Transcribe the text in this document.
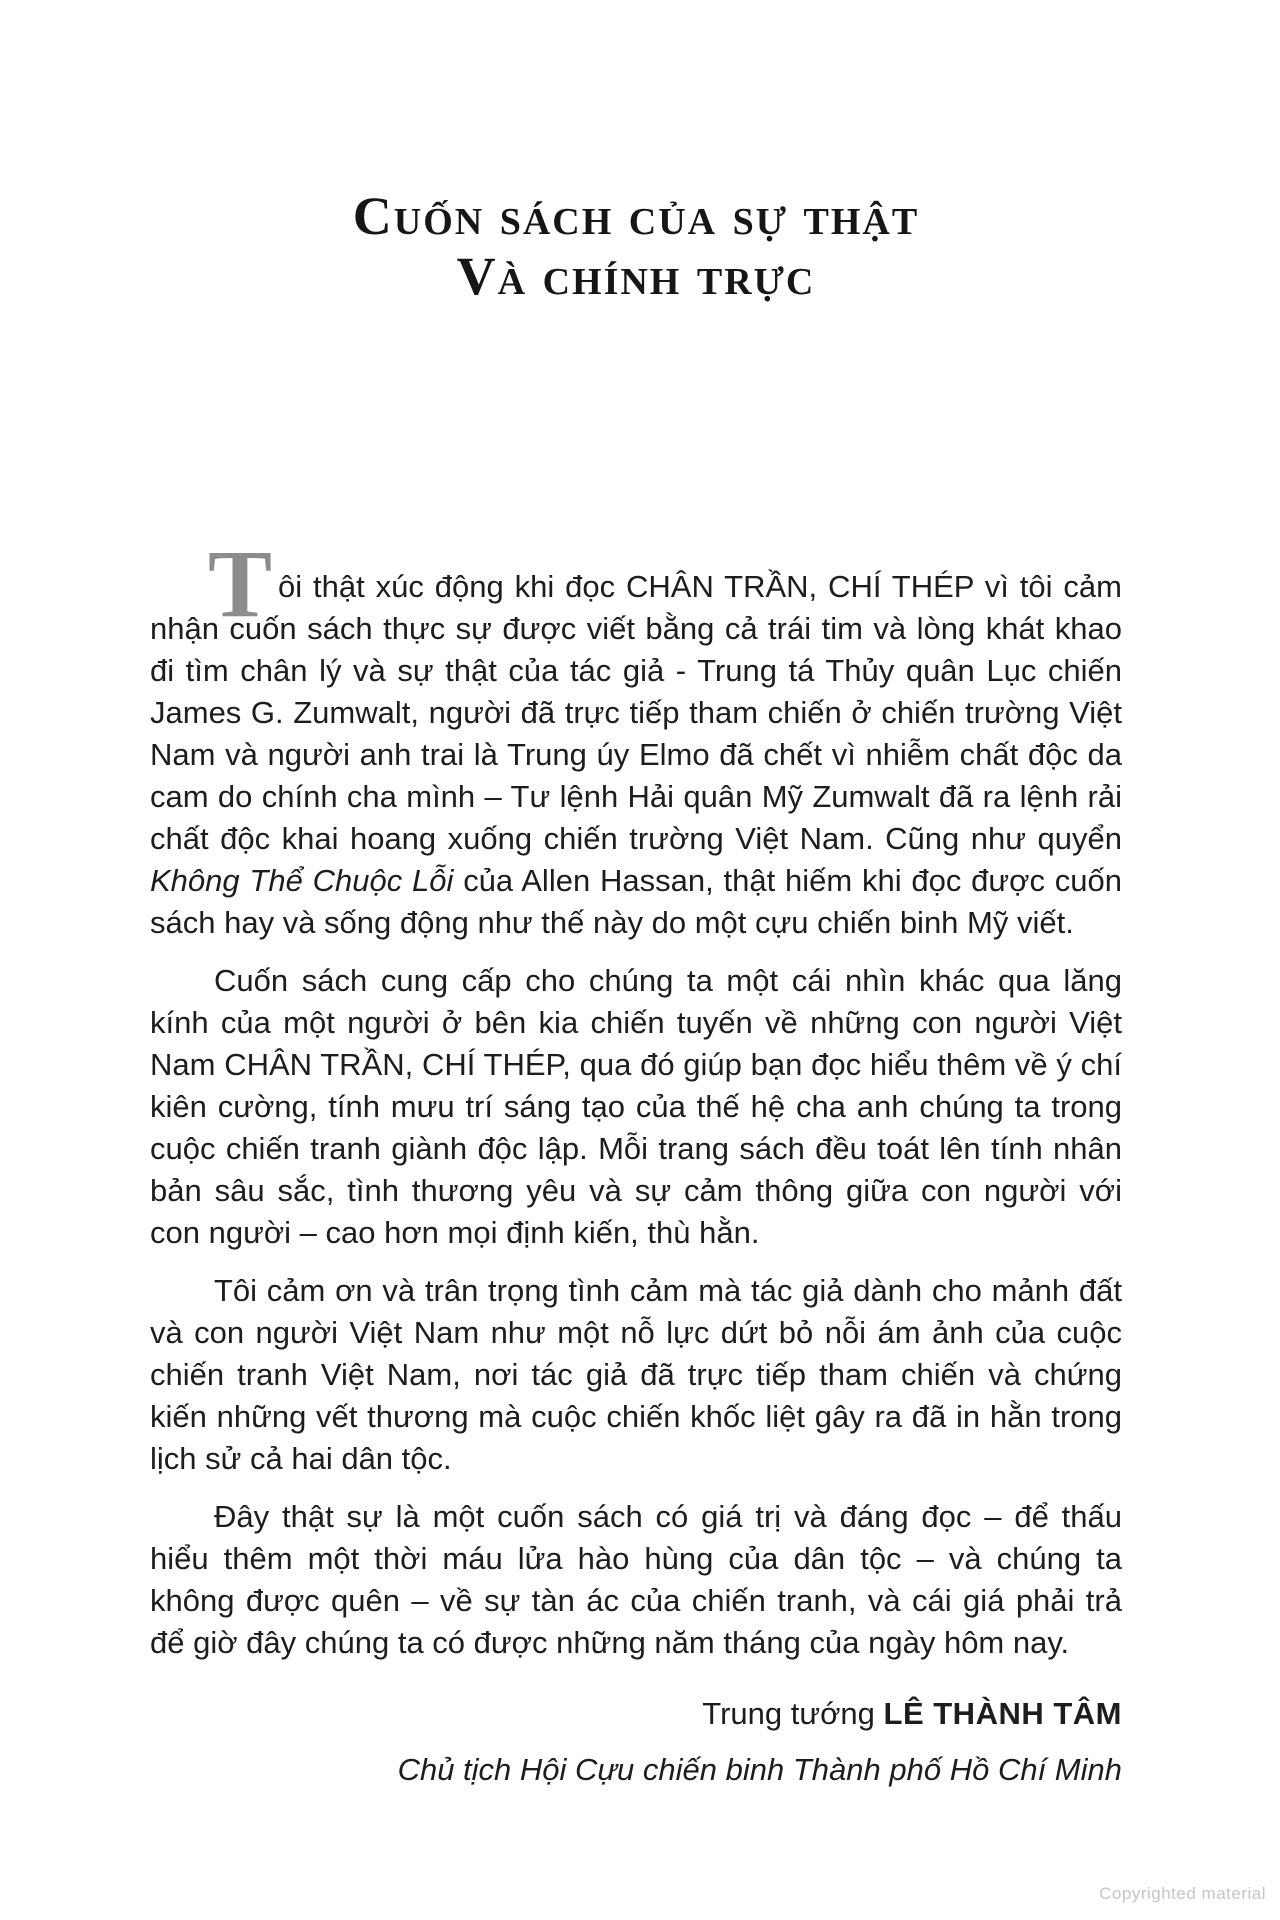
Cuốn sách của sự thật
Và chính trực
T ôi thật xúc động khi đọc CHÂN TRẦN, CHÍ THÉP vì tôi cảm nhận cuốn sách thực sự được viết bằng cả trái tim và lòng khát khao đi tìm chân lý và sự thật của tác giả - Trung tá Thủy quân Lục chiến James G. Zumwalt, người đã trực tiếp tham chiến ở chiến trường Việt Nam và người anh trai là Trung úy Elmo đã chết vì nhiễm chất độc da cam do chính cha mình – Tư lệnh Hải quân Mỹ Zumwalt đã ra lệnh rải chất độc khai hoang xuống chiến trường Việt Nam. Cũng như quyển Không Thể Chuộc Lỗi của Allen Hassan, thật hiếm khi đọc được cuốn sách hay và sống động như thế này do một cựu chiến binh Mỹ viết.

Cuốn sách cung cấp cho chúng ta một cái nhìn khác qua lăng kính của một người ở bên kia chiến tuyến về những con người Việt Nam CHÂN TRẦN, CHÍ THÉP, qua đó giúp bạn đọc hiểu thêm về ý chí kiên cường, tính mưu trí sáng tạo của thế hệ cha anh chúng ta trong cuộc chiến tranh giành độc lập. Mỗi trang sách đều toát lên tính nhân bản sâu sắc, tình thương yêu và sự cảm thông giữa con người với con người – cao hơn mọi định kiến, thù hằn.

Tôi cảm ơn và trân trọng tình cảm mà tác giả dành cho mảnh đất và con người Việt Nam như một nỗ lực dứt bỏ nỗi ám ảnh của cuộc chiến tranh Việt Nam, nơi tác giả đã trực tiếp tham chiến và chứng kiến những vết thương mà cuộc chiến khốc liệt gây ra đã in hằn trong lịch sử cả hai dân tộc.

Đây thật sự là một cuốn sách có giá trị và đáng đọc – để thấu hiểu thêm một thời máu lửa hào hùng của dân tộc – và chúng ta không được quên – về sự tàn ác của chiến tranh, và cái giá phải trả để giờ đây chúng ta có được những năm tháng của ngày hôm nay.

Trung tướng LÊ THÀNH TÂM
Chủ tịch Hội Cựu chiến binh Thành phố Hồ Chí Minh
Copyrighted material
